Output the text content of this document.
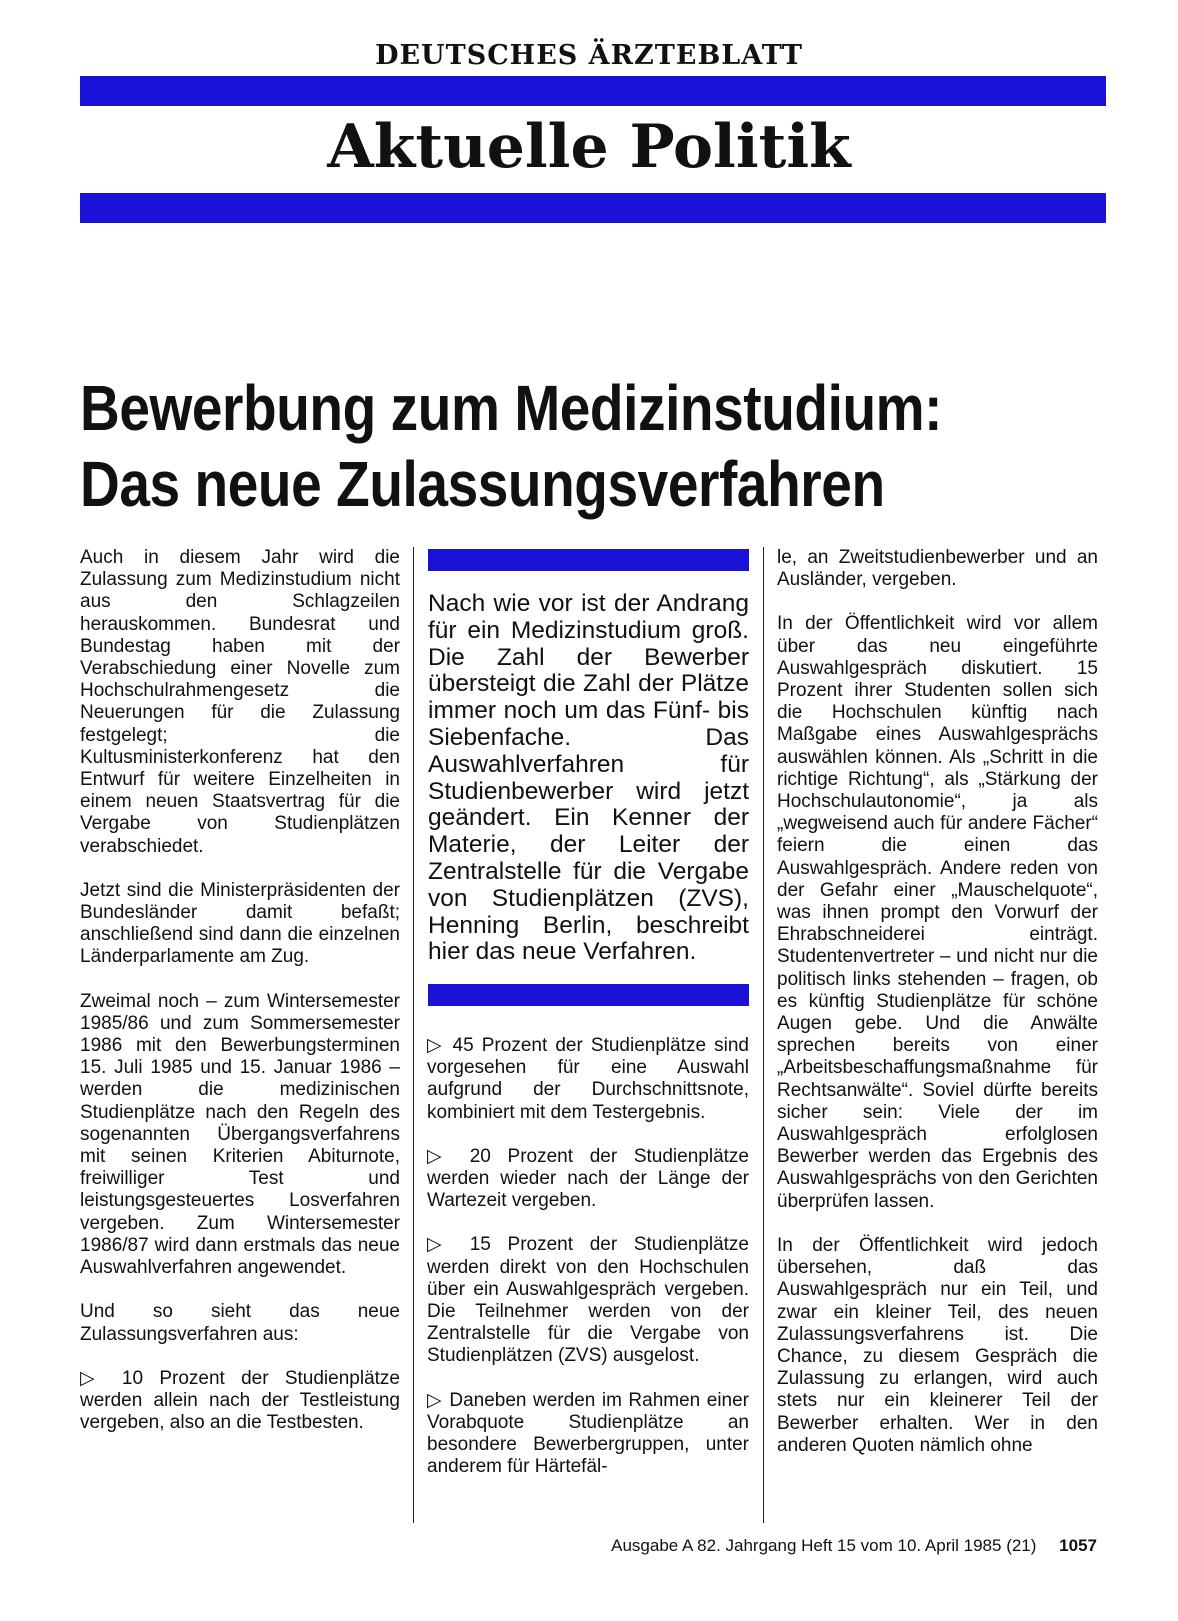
DEUTSCHES ÄRZTEBLATT
Aktuelle Politik
Bewerbung zum Medizinstudium:
Das neue Zulassungsverfahren

Auch in diesem Jahr wird die Zulassung zum Medizinstudium nicht aus den Schlagzeilen herauskommen. Bundesrat und Bundestag haben mit der Verabschiedung einer Novelle zum Hochschulrahmengesetz die Neuerungen für die Zulassung festgelegt; die Kultusministerkonferenz hat den Entwurf für weitere Einzelheiten in einem neuen Staatsvertrag für die Vergabe von Studienplätzen verabschiedet.

Jetzt sind die Ministerpräsidenten der Bundesländer damit befaßt; anschließend sind dann die einzelnen Länderparlamente am Zug.

Zweimal noch – zum Wintersemester 1985/86 und zum Sommersemester 1986 mit den Bewerbungsterminen 15. Juli 1985 und 15. Januar 1986 – werden die medizinischen Studienplätze nach den Regeln des sogenannten Übergangsverfahrens mit seinen Kriterien Abiturnote, freiwilliger Test und leistungsgesteuertes Losverfahren vergeben. Zum Wintersemester 1986/87 wird dann erstmals das neue Auswahlverfahren angewendet.

Und so sieht das neue Zulassungsverfahren aus:

▷ 10 Prozent der Studienplätze werden allein nach der Testleistung vergeben, also an die Testbesten.

Nach wie vor ist der Andrang für ein Medizinstudium groß. Die Zahl der Bewerber übersteigt die Zahl der Plätze immer noch um das Fünf- bis Siebenfache. Das Auswahlverfahren für Studienbewerber wird jetzt geändert. Ein Kenner der Materie, der Leiter der Zentralstelle für die Vergabe von Studienplätzen (ZVS), Henning Berlin, beschreibt hier das neue Verfahren.

▷ 45 Prozent der Studienplätze sind vorgesehen für eine Auswahl aufgrund der Durchschnittsnote, kombiniert mit dem Testergebnis.

▷ 20 Prozent der Studienplätze werden wieder nach der Länge der Wartezeit vergeben.

▷ 15 Prozent der Studienplätze werden direkt von den Hochschulen über ein Auswahlgespräch vergeben. Die Teilnehmer werden von der Zentralstelle für die Vergabe von Studienplätzen (ZVS) ausgelost.

▷ Daneben werden im Rahmen einer Vorabquote Studienplätze an besondere Bewerbergruppen, unter anderem für Härtefäl-

le, an Zweitstudienbewerber und an Ausländer, vergeben.

In der Öffentlichkeit wird vor allem über das neu eingeführte Auswahlgespräch diskutiert. 15 Prozent ihrer Studenten sollen sich die Hochschulen künftig nach Maßgabe eines Auswahlgesprächs auswählen können. Als „Schritt in die richtige Richtung“, als „Stärkung der Hochschulautonomie“, ja als „wegweisend auch für andere Fächer“ feiern die einen das Auswahlgespräch. Andere reden von der Gefahr einer „Mauschelquote“, was ihnen prompt den Vorwurf der Ehrabschneiderei einträgt. Studentenvertreter – und nicht nur die politisch links stehenden – fragen, ob es künftig Studienplätze für schöne Augen gebe. Und die Anwälte sprechen bereits von einer „Arbeitsbeschaffungsmaßnahme für Rechtsanwälte“. Soviel dürfte bereits sicher sein: Viele der im Auswahlgespräch erfolglosen Bewerber werden das Ergebnis des Auswahlgesprächs von den Gerichten überprüfen lassen.

In der Öffentlichkeit wird jedoch übersehen, daß das Auswahlgespräch nur ein Teil, und zwar ein kleiner Teil, des neuen Zulassungsverfahrens ist. Die Chance, zu diesem Gespräch die Zulassung zu erlangen, wird auch stets nur ein kleinerer Teil der Bewerber erhalten. Wer in den anderen Quoten nämlich ohne

Ausgabe A 82. Jahrgang Heft 15 vom 10. April 1985 (21) 1057
